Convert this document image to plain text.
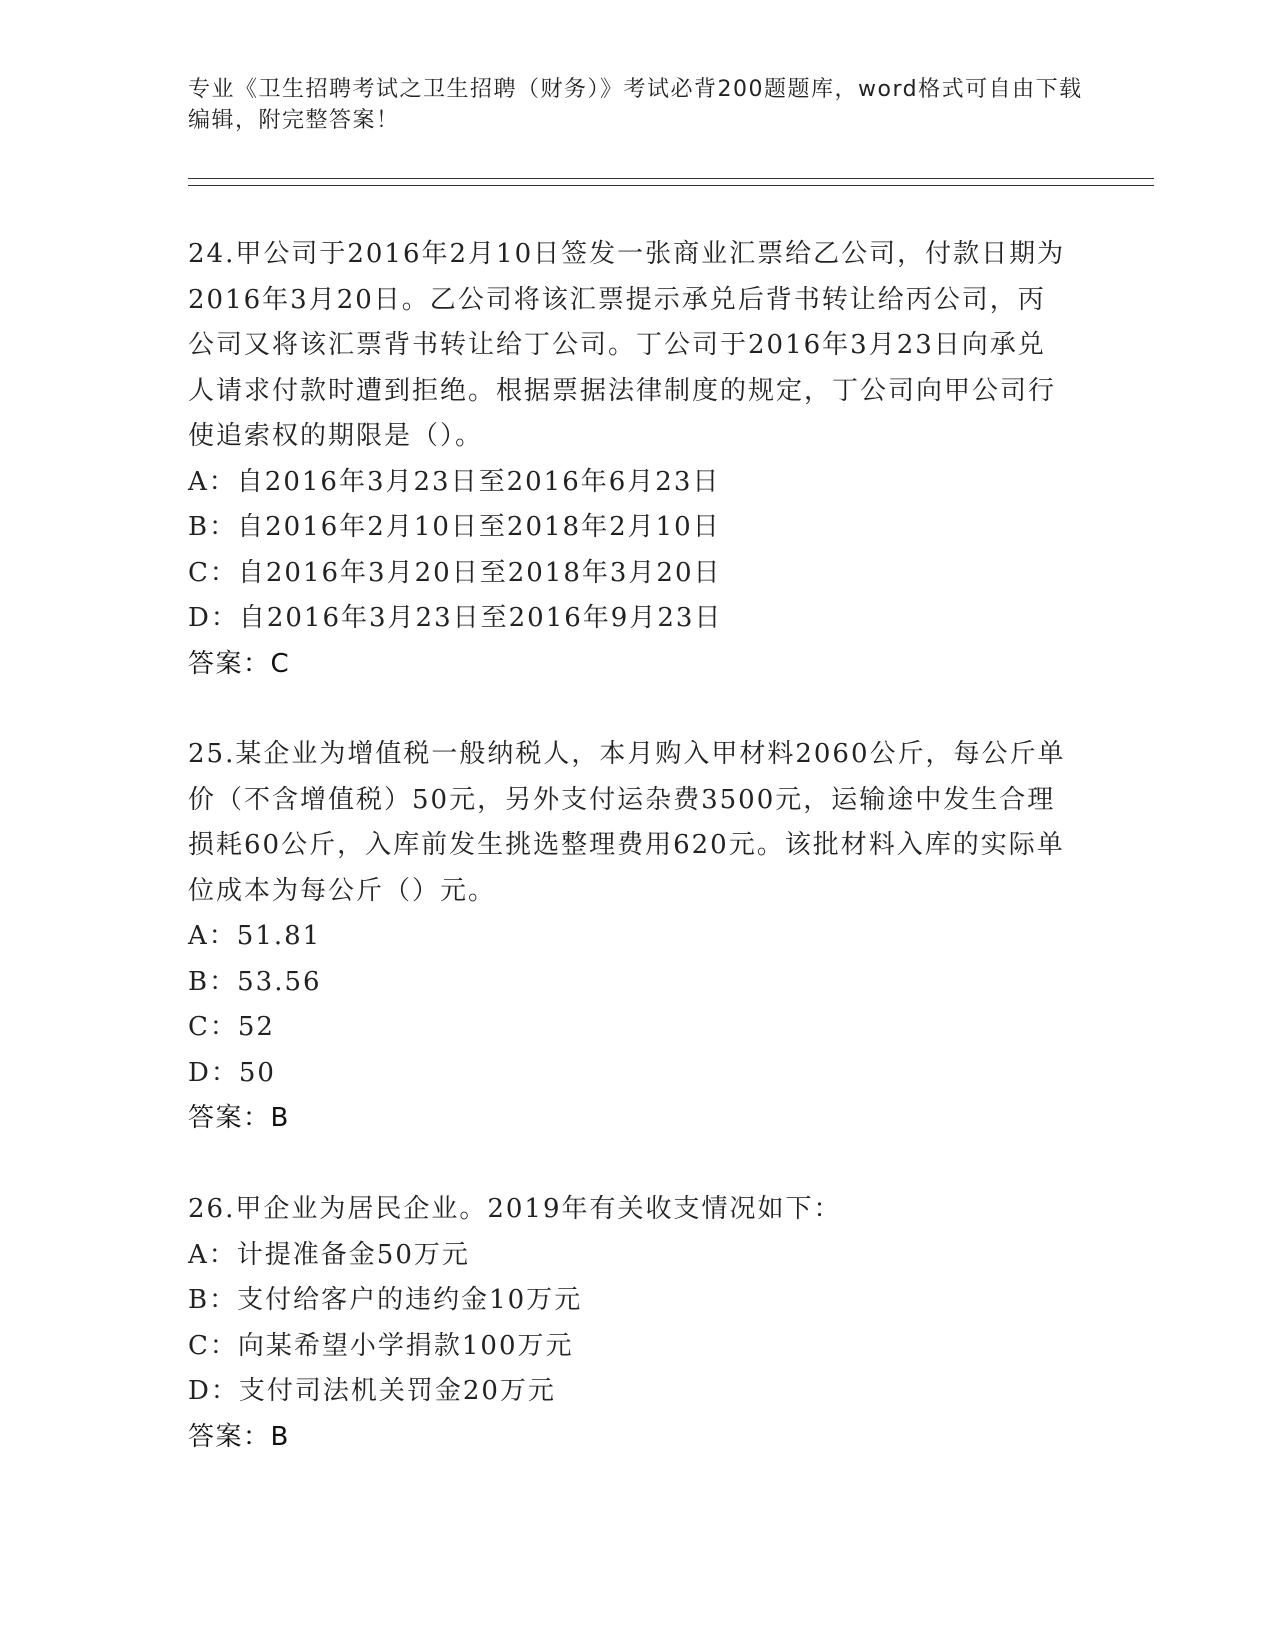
专业《卫生招聘考试之卫生招聘（财务）》考试必背200题题库，word格式可自由下载编辑，附完整答案！

24.甲公司于2016年2月10日签发一张商业汇票给乙公司，付款日期为2016年3月20日。乙公司将该汇票提示承兑后背书转让给丙公司，丙公司又将该汇票背书转让给丁公司。丁公司于2016年3月23日向承兑人请求付款时遭到拒绝。根据票据法律制度的规定，丁公司向甲公司行使追索权的期限是（）。

A：自2016年3月23日至2016年6月23日

B：自2016年2月10日至2018年2月10日

C：自2016年3月20日至2018年3月20日

D：自2016年3月23日至2016年9月23日

答案：C

25.某企业为增值税一般纳税人，本月购入甲材料2060公斤，每公斤单价（不含增值税）50元，另外支付运杂费3500元，运输途中发生合理损耗60公斤，入库前发生挑选整理费用620元。该批材料入库的实际单位成本为每公斤（）元。

A：51.81

B：53.56

C：52

D：50

答案：B

26.甲企业为居民企业。2019年有关收支情况如下：

A：计提准备金50万元

B：支付给客户的违约金10万元

C：向某希望小学捐款100万元

D：支付司法机关罚金20万元

答案：B
